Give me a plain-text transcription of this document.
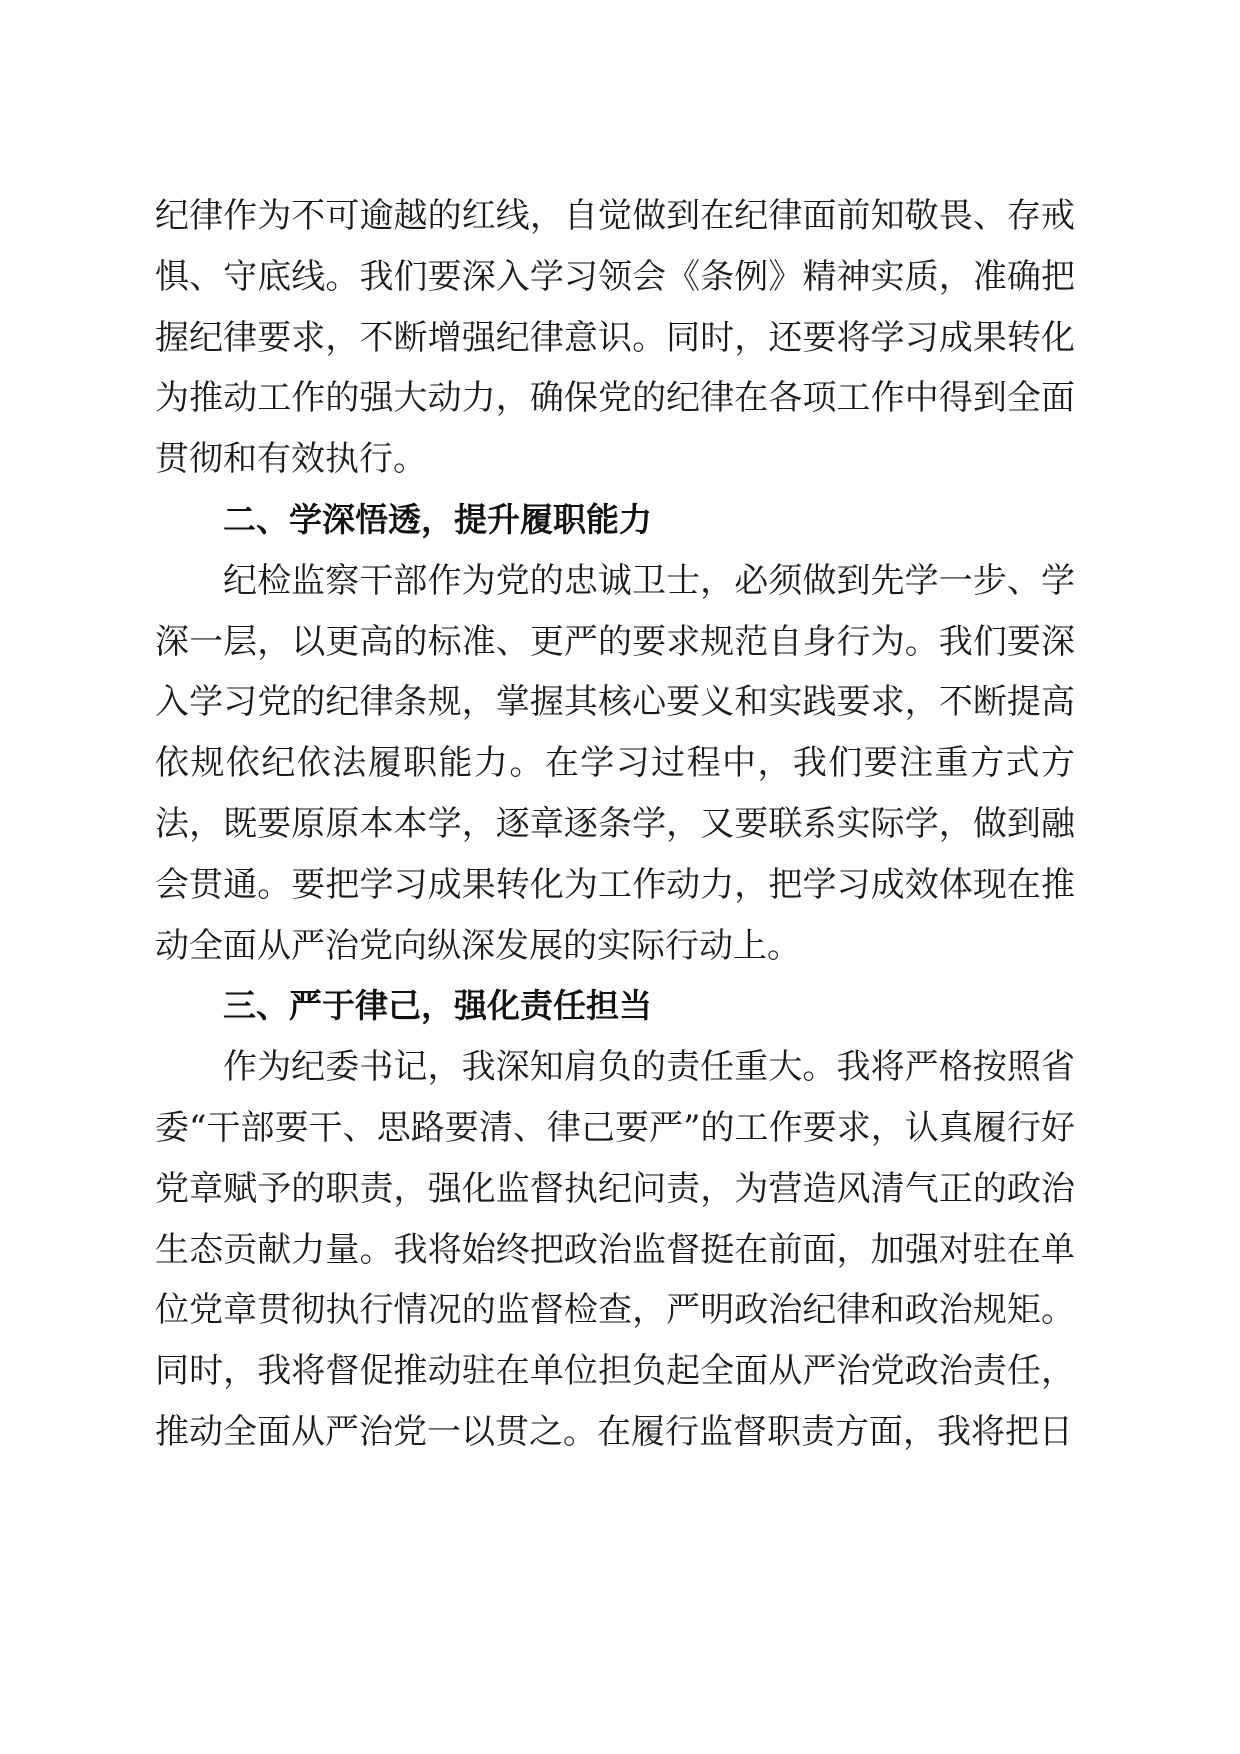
纪律作为不可逾越的红线，自觉做到在纪律面前知敬畏、存戒惧、守底线。我们要深入学习领会《条例》精神实质，准确把握纪律要求，不断增强纪律意识。同时，还要将学习成果转化为推动工作的强大动力，确保党的纪律在各项工作中得到全面贯彻和有效执行。

二、学深悟透，提升履职能力

纪检监察干部作为党的忠诚卫士，必须做到先学一步、学深一层，以更高的标准、更严的要求规范自身行为。我们要深入学习党的纪律条规，掌握其核心要义和实践要求，不断提高依规依纪依法履职能力。在学习过程中，我们要注重方式方法，既要原原本本学，逐章逐条学，又要联系实际学，做到融会贯通。要把学习成果转化为工作动力，把学习成效体现在推动全面从严治党向纵深发展的实际行动上。

三、严于律己，强化责任担当

作为纪委书记，我深知肩负的责任重大。我将严格按照省委“干部要干、思路要清、律己要严”的工作要求，认真履行好党章赋予的职责，强化监督执纪问责，为营造风清气正的政治生态贡献力量。我将始终把政治监督挺在前面，加强对驻在单位党章贯彻执行情况的监督检查，严明政治纪律和政治规矩。同时，我将督促推动驻在单位担负起全面从严治党政治责任，推动全面从严治党一以贯之。在履行监督职责方面，我将把日
